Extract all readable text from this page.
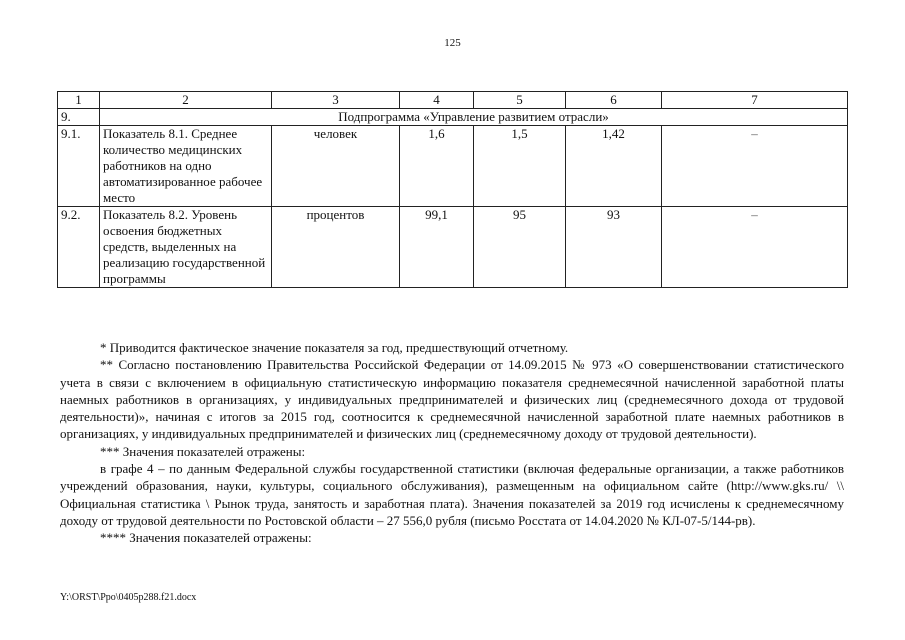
125
1	2	3	4	5	6	7
9.	Подпрограмма «Управление развитием отрасли»					
9.1.	Показатель 8.1. Среднее количество медицинских работников на одно автоматизированное рабочее место	человек	1,6	1,5	1,42	–
9.2.	Показатель 8.2. Уровень освоения бюджетных средств, выделенных на реализацию государственной программы	процентов	99,1	95	93	–

* Приводится фактическое значение показателя за год, предшествующий отчетному.

** Согласно постановлению Правительства Российской Федерации от 14.09.2015 № 973 «О совершенствовании статистического учета в связи с включением в официальную статистическую информацию показателя среднемесячной начисленной заработной платы наемных работников в организациях, у индивидуальных предпринимателей и физических лиц (среднемесячного дохода от трудовой деятельности)», начиная с итогов за 2015 год, соотносится к среднемесячной начисленной заработной плате наемных работников в организациях, у индивидуальных предпринимателей и физических лиц (среднемесячному доходу от трудовой деятельности).

*** Значения показателей отражены:

в графе 4 – по данным Федеральной службы государственной статистики (включая федеральные организации, а также работников учреждений образования, науки, культуры, социального обслуживания), размещенным на официальном сайте (http://www.gks.ru/ \\ Официальная статистика \ Рынок труда, занятость и заработная плата). Значения показателей за 2019 год исчислены к среднемесячному доходу от трудовой деятельности по Ростовской области – 27 556,0 рубля (письмо Росстата от 14.04.2020 № КЛ-07-5/144-рв).

**** Значения показателей отражены:

Y:\ORST\Ppo\0405p288.f21.docx
